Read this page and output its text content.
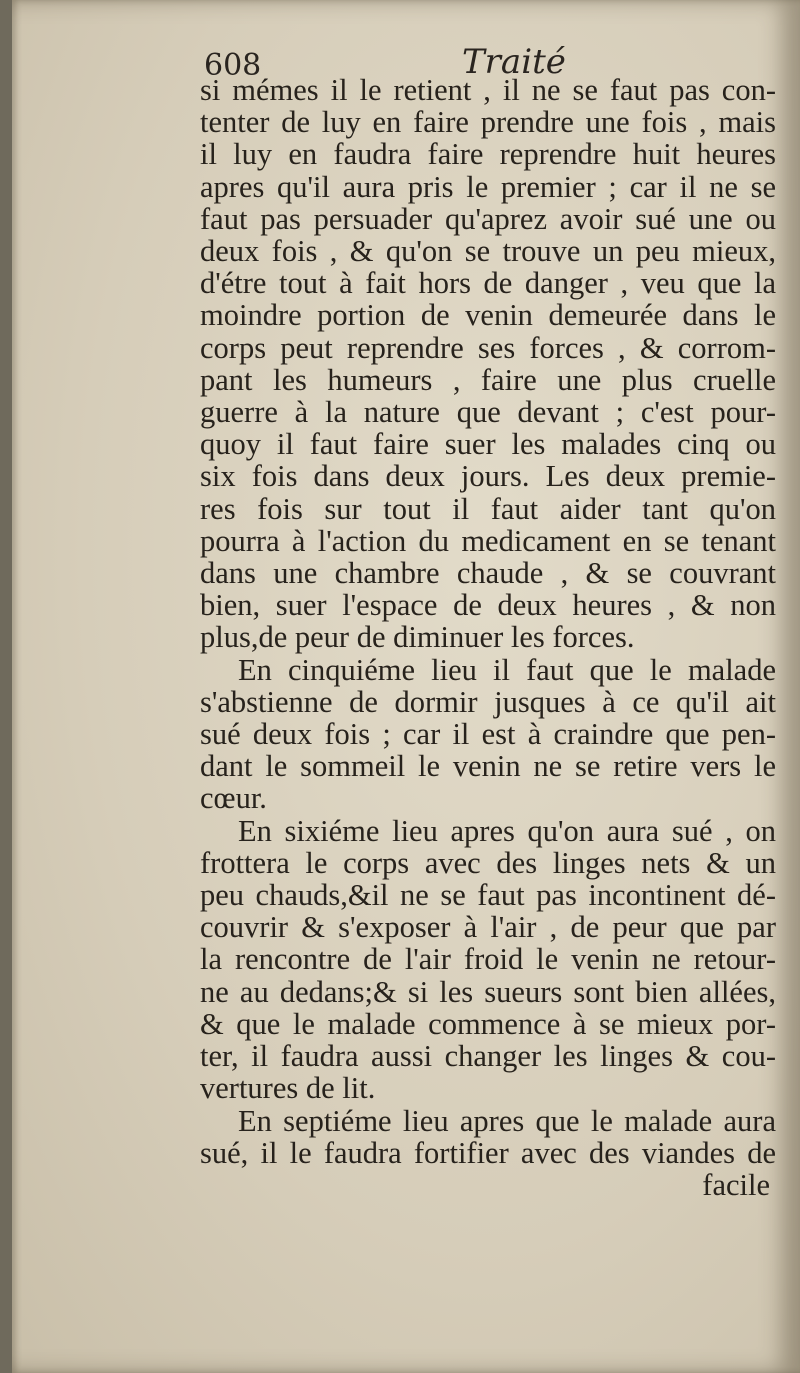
608	Traité
si mémes il le retient , il ne se faut pas con-
tenter de luy en faire prendre une fois , mais
il luy en faudra faire reprendre huit heures
apres qu'il aura pris le premier ; car il ne se
faut pas persuader qu'aprez avoir sué une ou
deux fois , & qu'on se trouve un peu mieux,
d'étre tout à fait hors de danger , veu que la
moindre portion de venin demeurée dans le
corps peut reprendre ses forces , & corrom-
pant les humeurs , faire une plus cruelle
guerre à la nature que devant ; c'est pour-
quoy il faut faire suer les malades cinq ou
six fois dans deux jours. Les deux premie-
res fois sur tout il faut aider tant qu'on
pourra à l'action du medicament en se tenant
dans une chambre chaude , & se couvrant
bien, suer l'espace de deux heures , & non
plus,de peur de diminuer les forces.
En cinquiéme lieu il faut que le malade
s'abstienne de dormir jusques à ce qu'il ait
sué deux fois ; car il est à craindre que pen-
dant le sommeil le venin ne se retire vers le
cœur.
En sixiéme lieu apres qu'on aura sué , on
frottera le corps avec des linges nets & un
peu chauds,&il ne se faut pas incontinent dé-
couvrir & s'exposer à l'air , de peur que par
la rencontre de l'air froid le venin ne retour-
ne au dedans;& si les sueurs sont bien allées,
& que le malade commence à se mieux por-
ter, il faudra aussi changer les linges & cou-
vertures de lit.
En septiéme lieu apres que le malade aura
sué, il le faudra fortifier avec des viandes de
facile
